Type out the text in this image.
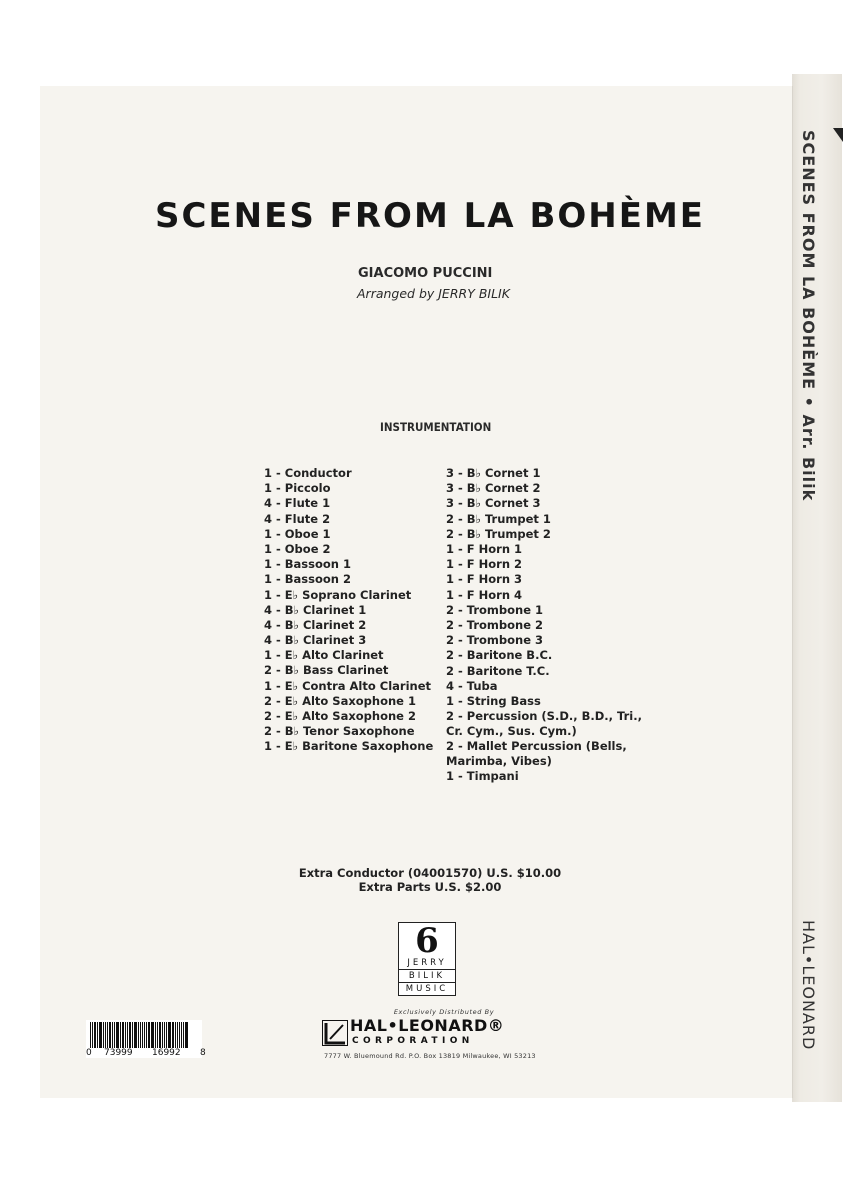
SCENES FROM LA BOHÈME • Arr. Bilik
HAL•LEONARD
SCENES FROM LA BOHÈME
GIACOMO PUCCINI
Arranged by JERRY BILIK
INSTRUMENTATION
1 - Conductor
1 - Piccolo
4 - Flute 1
4 - Flute 2
1 - Oboe 1
1 - Oboe 2
1 - Bassoon 1
1 - Bassoon 2
1 - E♭ Soprano Clarinet
4 - B♭ Clarinet 1
4 - B♭ Clarinet 2
4 - B♭ Clarinet 3
1 - E♭ Alto Clarinet
2 - B♭ Bass Clarinet
1 - E♭ Contra Alto Clarinet
2 - E♭ Alto Saxophone 1
2 - E♭ Alto Saxophone 2
2 - B♭ Tenor Saxophone
1 - E♭ Baritone Saxophone
3 - B♭ Cornet 1
3 - B♭ Cornet 2
3 - B♭ Cornet 3
2 - B♭ Trumpet 1
2 - B♭ Trumpet 2
1 - F Horn 1
1 - F Horn 2
1 - F Horn 3
1 - F Horn 4
2 - Trombone 1
2 - Trombone 2
2 - Trombone 3
2 - Baritone B.C.
2 - Baritone T.C.
4 - Tuba
1 - String Bass
2 - Percussion (S.D., B.D., Tri., Cr. Cym., Sus. Cym.)
2 - Mallet Percussion (Bells, Marimba, Vibes)
1 - Timpani
Extra Conductor (04001570) U.S. $10.00
Extra Parts U.S. $2.00
6
JERRY
BILIK
MUSIC
Exclusively Distributed By
HAL•LEONARD®
CORPORATION
7777 W. Bluemound Rd. P.O. Box 13819 Milwaukee, WI 53213
0 73999 16992 8
